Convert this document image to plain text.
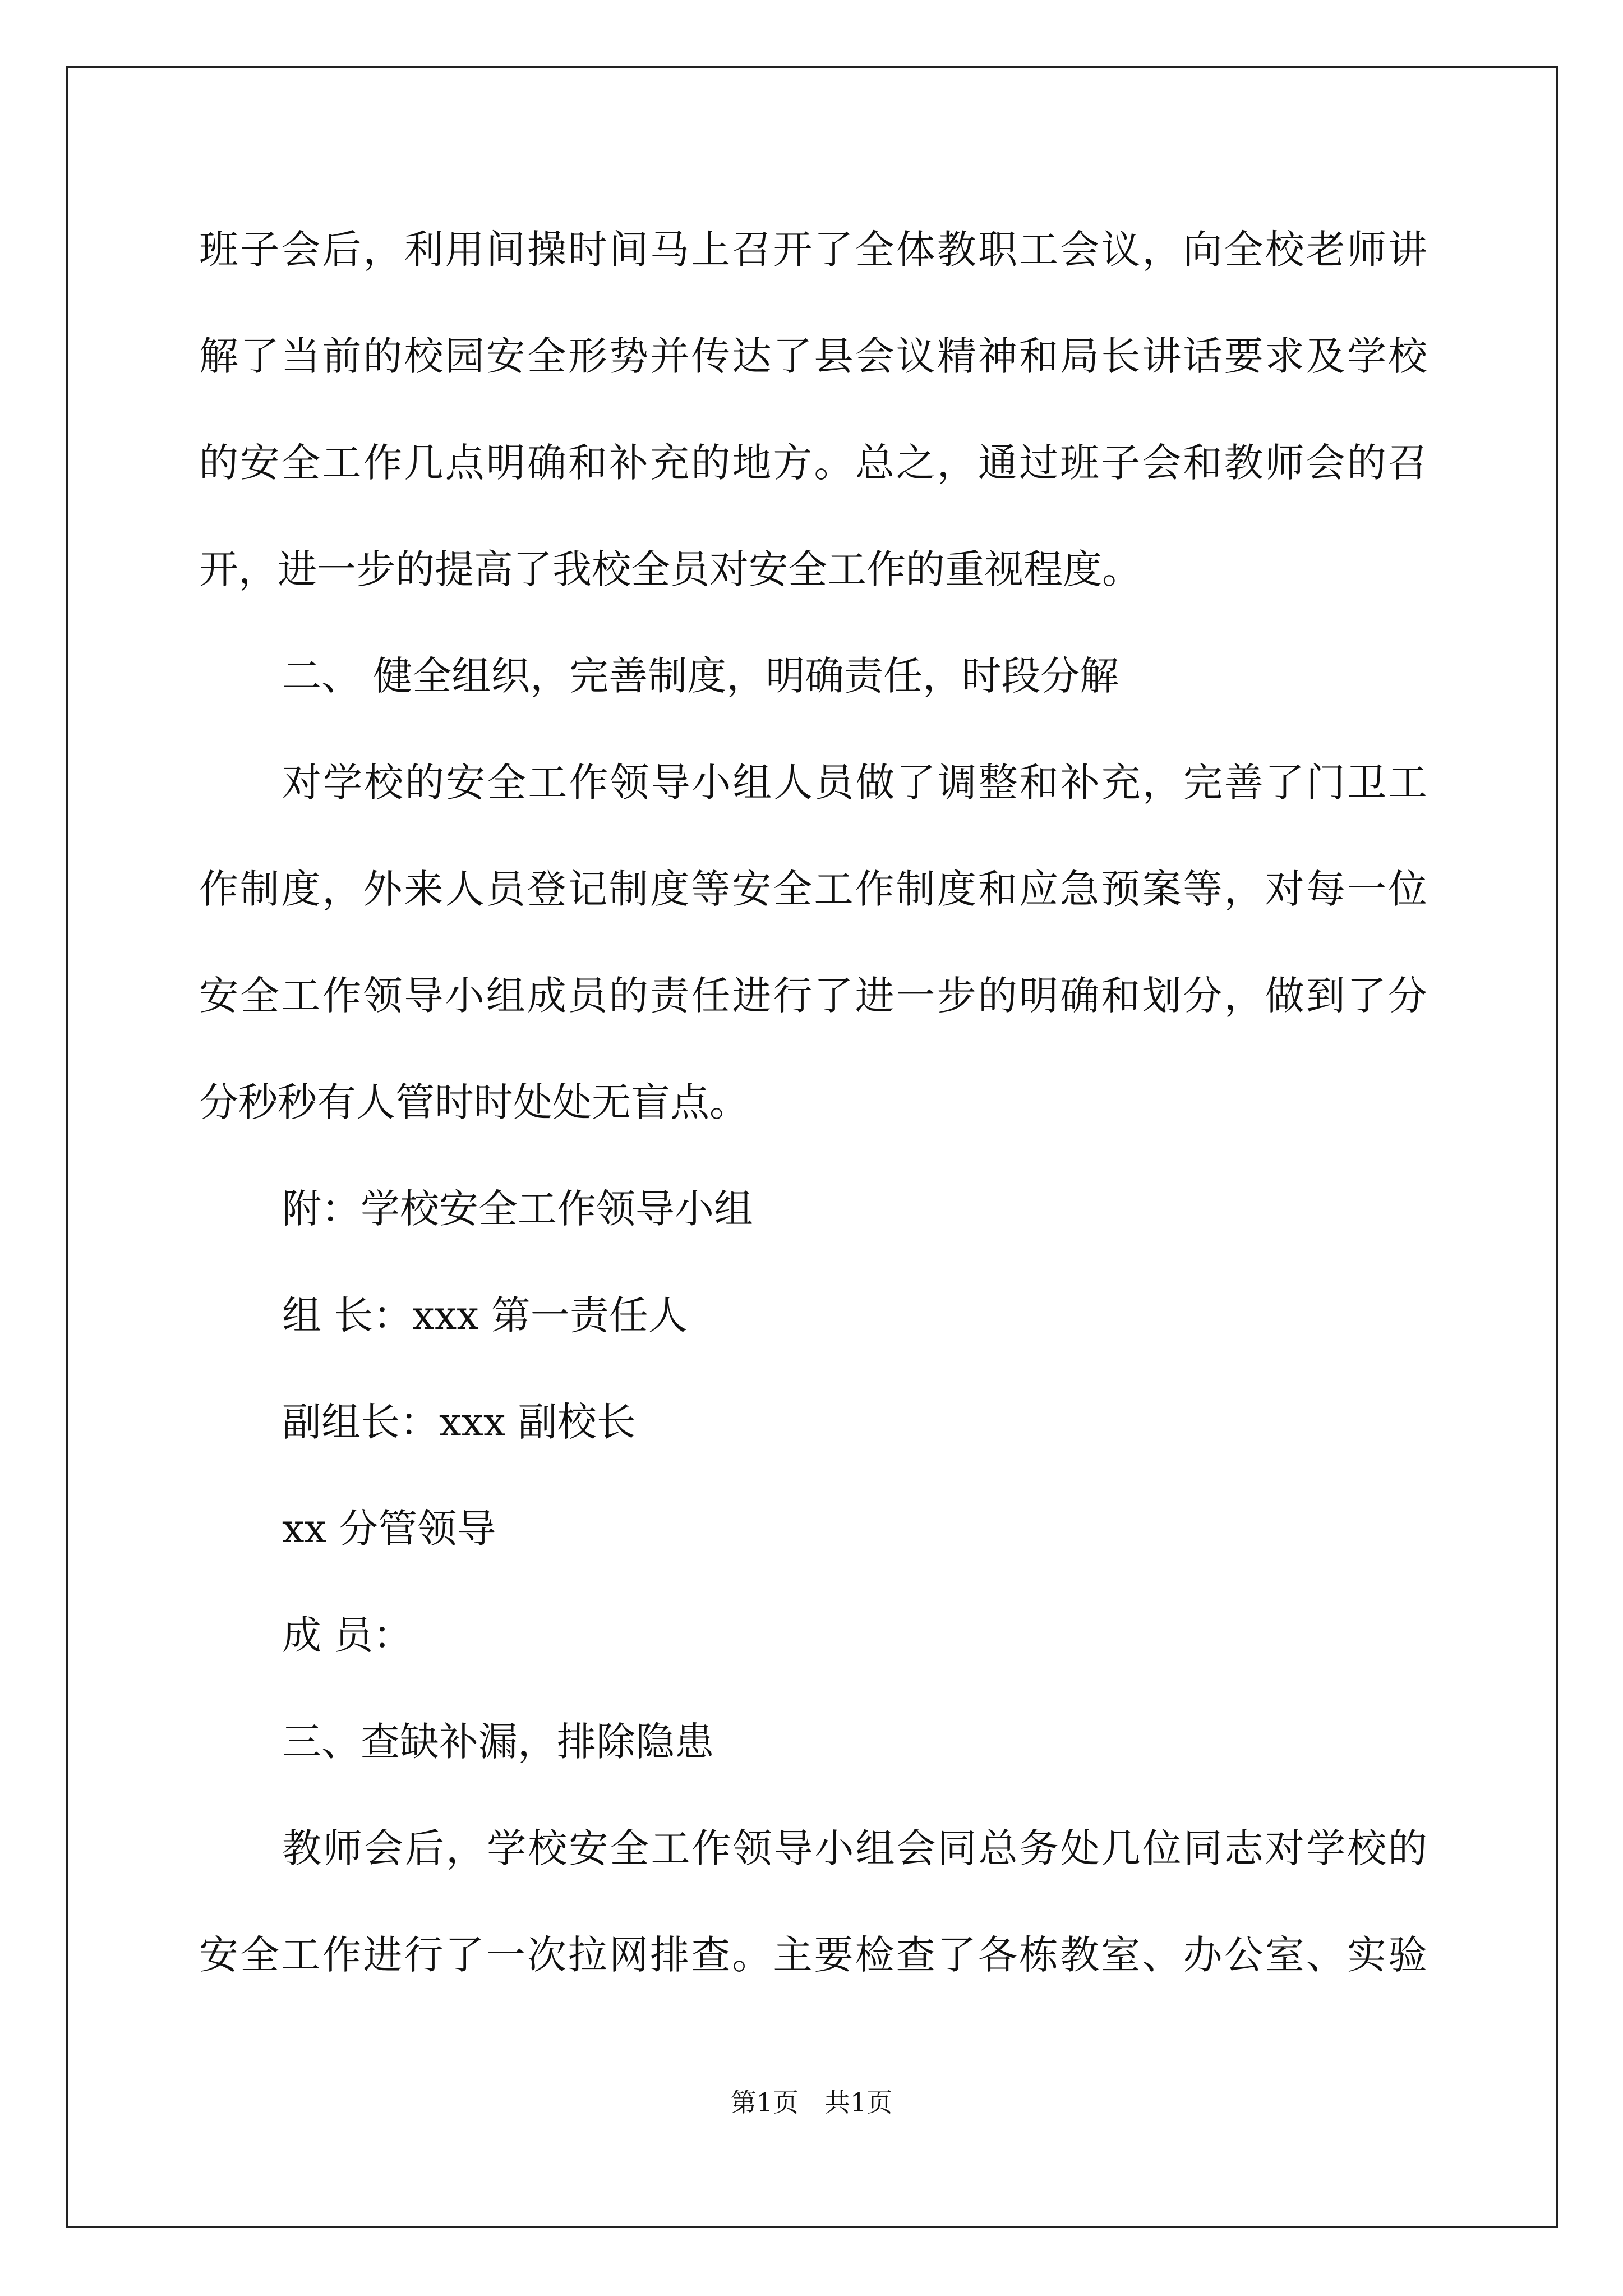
班子会后，利用间操时间马上召开了全体教职工会议，向全校老师讲
解了当前的校园安全形势并传达了县会议精神和局长讲话要求及学校
的安全工作几点明确和补充的地方。总之，通过班子会和教师会的召
开，进一步的提高了我校全员对安全工作的重视程度。
二、 健全组织，完善制度，明确责任，时段分解
对学校的安全工作领导小组人员做了调整和补充，完善了门卫工
作制度，外来人员登记制度等安全工作制度和应急预案等，对每一位
安全工作领导小组成员的责任进行了进一步的明确和划分，做到了分
分秒秒有人管时时处处无盲点。
附：学校安全工作领导小组
组 长：xxx 第一责任人
副组长：xxx 副校长
xx 分管领导
成 员：
三、查缺补漏，排除隐患
教师会后，学校安全工作领导小组会同总务处几位同志对学校的
安全工作进行了一次拉网排查。主要检查了各栋教室、办公室、实验
第1页　共1页
